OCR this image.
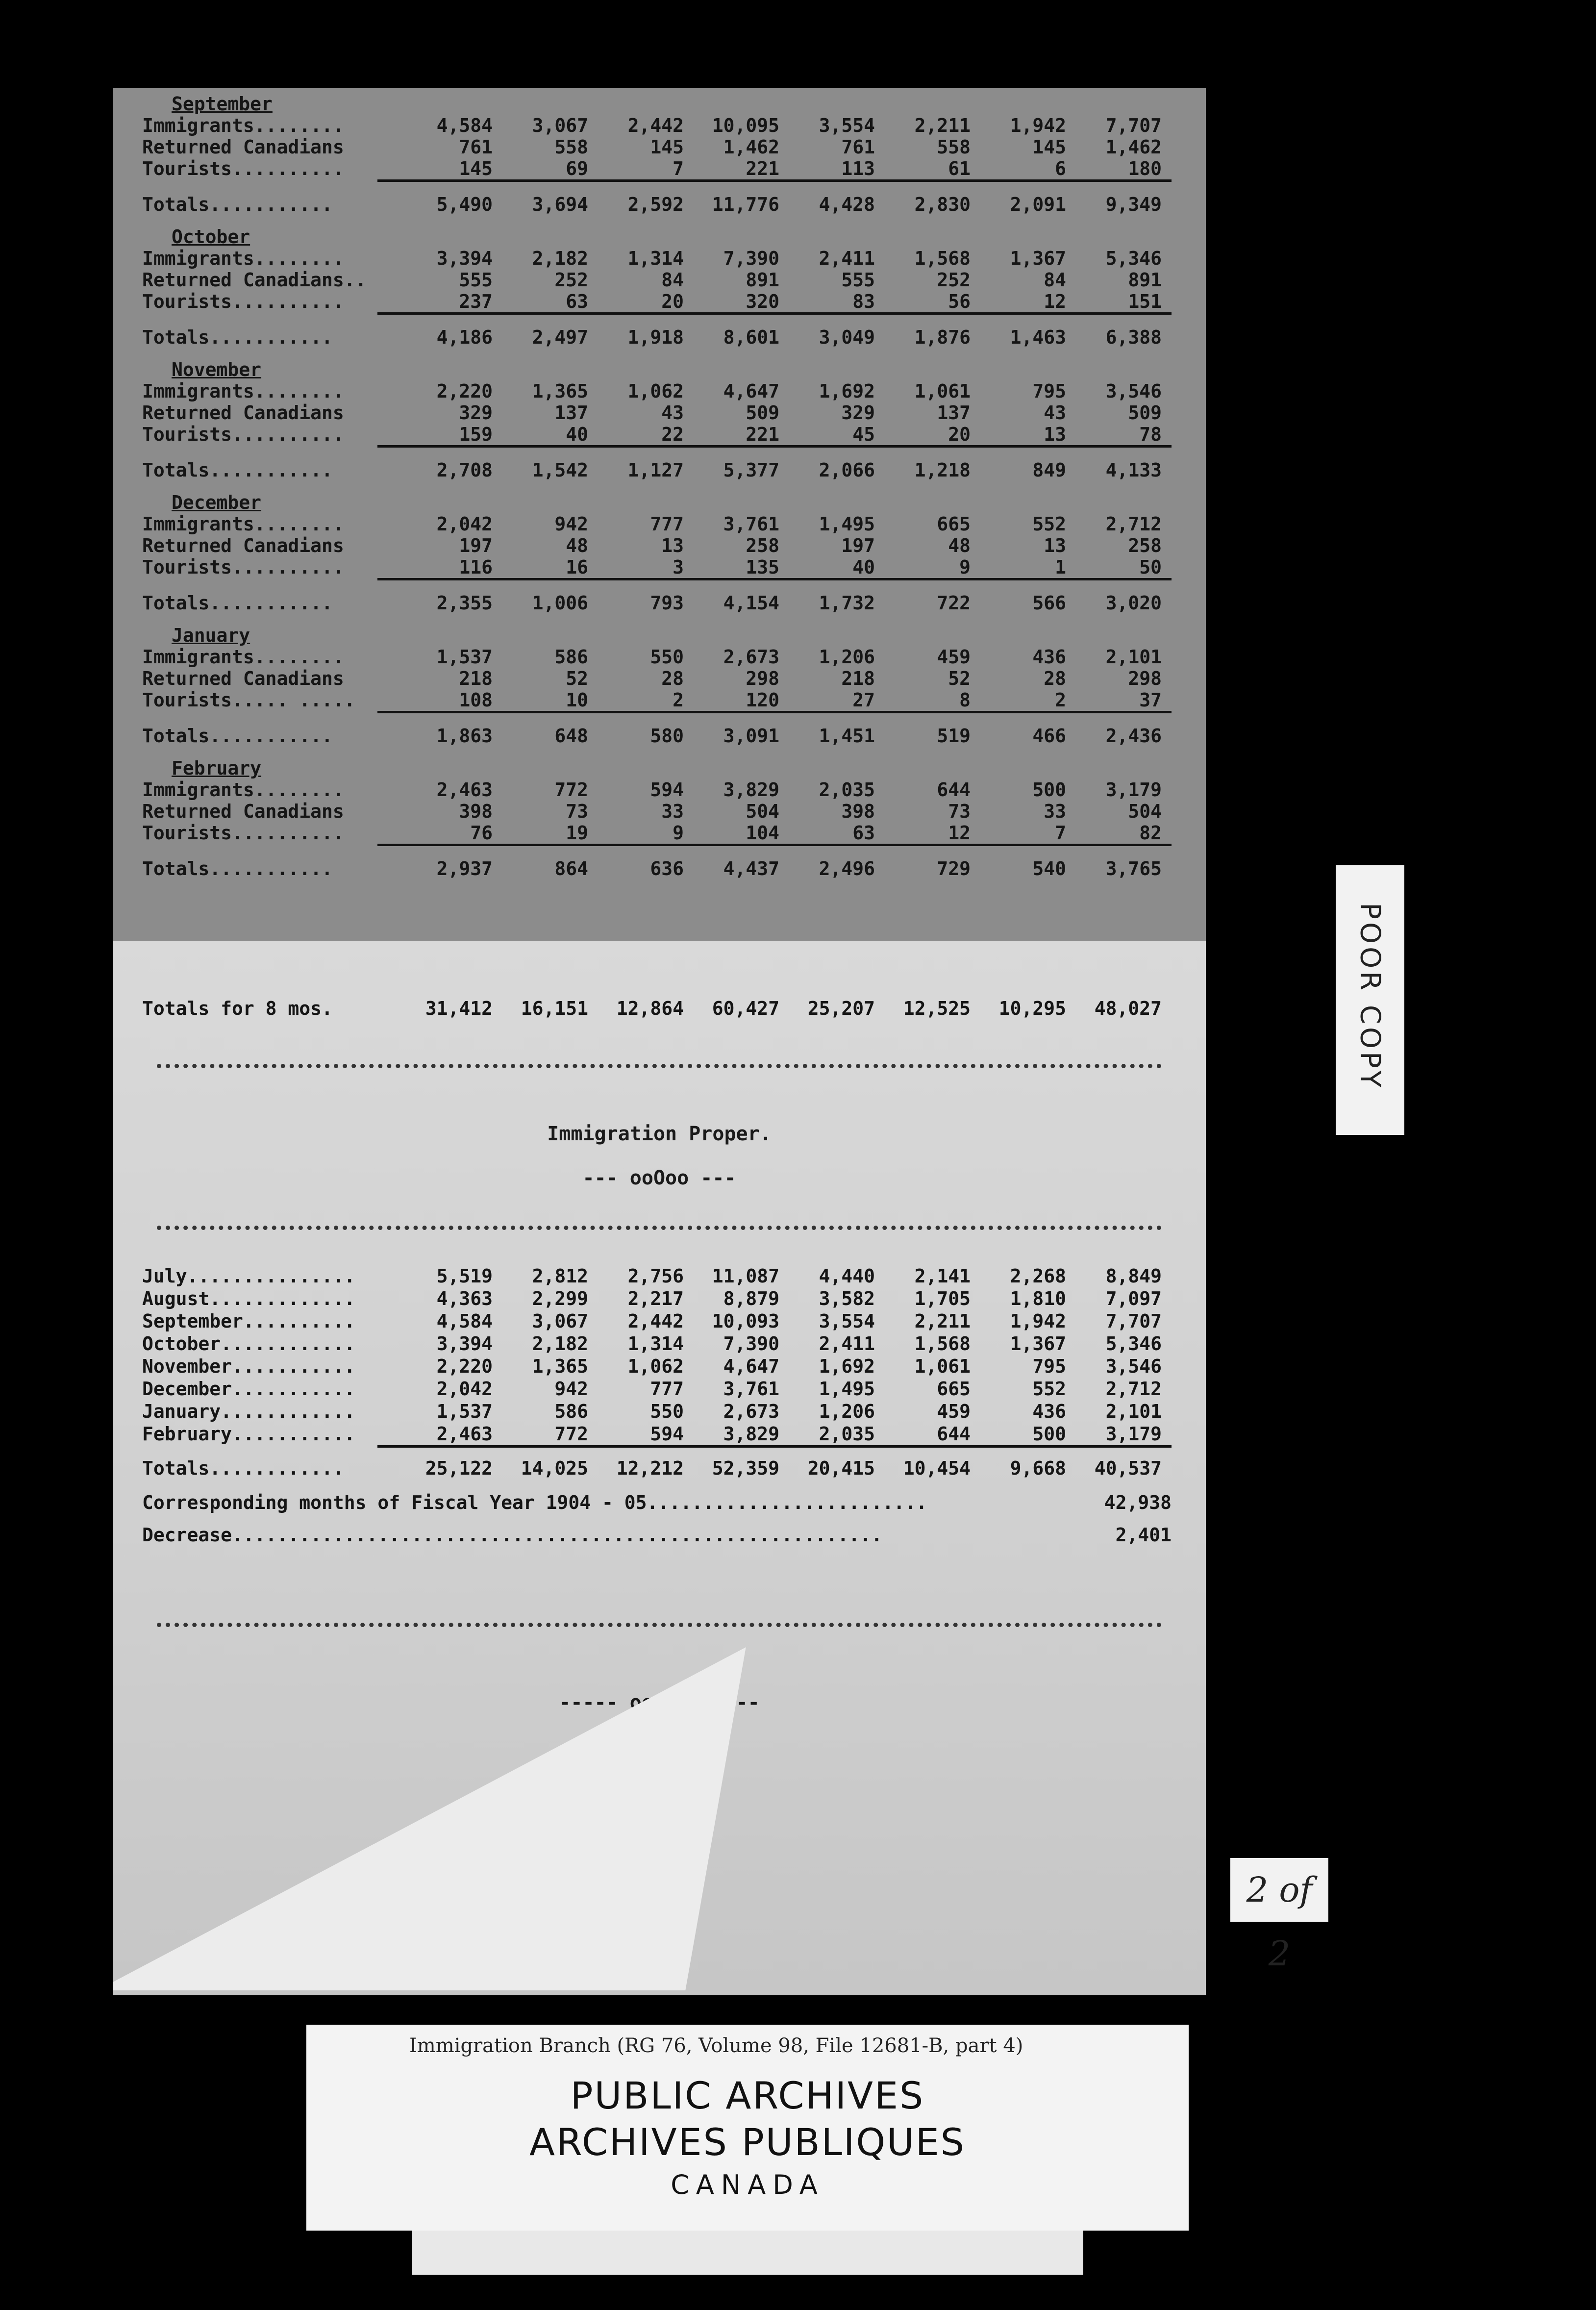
September
Immigrants........	4,584	3,067	2,442	10,095	3,554	2,211	1,942	7,707
Returned Canadians	761	558	145	1,462	761	558	145	1,462
Tourists..........	145	69	7	221	113	61	6	180
Totals...........	5,490	3,694	2,592	11,776	4,428	2,830	2,091	9,349
October
Immigrants........	3,394	2,182	1,314	7,390	2,411	1,568	1,367	5,346
Returned Canadians..	555	252	84	891	555	252	84	891
Tourists..........	237	63	20	320	83	56	12	151
Totals...........	4,186	2,497	1,918	8,601	3,049	1,876	1,463	6,388
November
Immigrants........	2,220	1,365	1,062	4,647	1,692	1,061	795	3,546
Returned Canadians	329	137	43	509	329	137	43	509
Tourists..........	159	40	22	221	45	20	13	78
Totals...........	2,708	1,542	1,127	5,377	2,066	1,218	849	4,133
December
Immigrants........	2,042	942	777	3,761	1,495	665	552	2,712
Returned Canadians	197	48	13	258	197	48	13	258
Tourists..........	116	16	3	135	40	9	1	50
Totals...........	2,355	1,006	793	4,154	1,732	722	566	3,020
January
Immigrants........	1,537	586	550	2,673	1,206	459	436	2,101
Returned Canadians	218	52	28	298	218	52	28	298
Tourists..... .....	108	10	2	120	27	8	2	37
Totals...........	1,863	648	580	3,091	1,451	519	466	2,436
February
Immigrants........	2,463	772	594	3,829	2,035	644	500	3,179
Returned Canadians	398	73	33	504	398	73	33	504
Tourists..........	76	19	9	104	63	12	7	82
Totals...........	2,937	864	636	4,437	2,496	729	540	3,765
Totals for 8 mos.	31,412	16,151	12,864	60,427	25,207	12,525	10,295	48,027
Immigration Proper.
--- ooOoo ---
July...............	5,519	2,812	2,756	11,087	4,440	2,141	2,268	8,849
August.............	4,363	2,299	2,217	8,879	3,582	1,705	1,810	7,097
September..........	4,584	3,067	2,442	10,093	3,554	2,211	1,942	7,707
October............	3,394	2,182	1,314	7,390	2,411	1,568	1,367	5,346
November...........	2,220	1,365	1,062	4,647	1,692	1,061	795	3,546
December...........	2,042	942	777	3,761	1,495	665	552	2,712
January............	1,537	586	550	2,673	1,206	459	436	2,101
February...........	2,463	772	594	3,829	2,035	644	500	3,179
Totals............	25,122	14,025	12,212	52,359	20,415	10,454	9,668	40,537
Corresponding months of Fiscal Year 1904 - 05.........................	42,938
Decrease..........................................................	2,401
----- ooOoo -----
POOR COPY
2 of 2
Immigration Branch (RG 76, Volume 98, File 12681-B, part 4)
PUBLIC ARCHIVES
ARCHIVES PUBLIQUES
CANADA
